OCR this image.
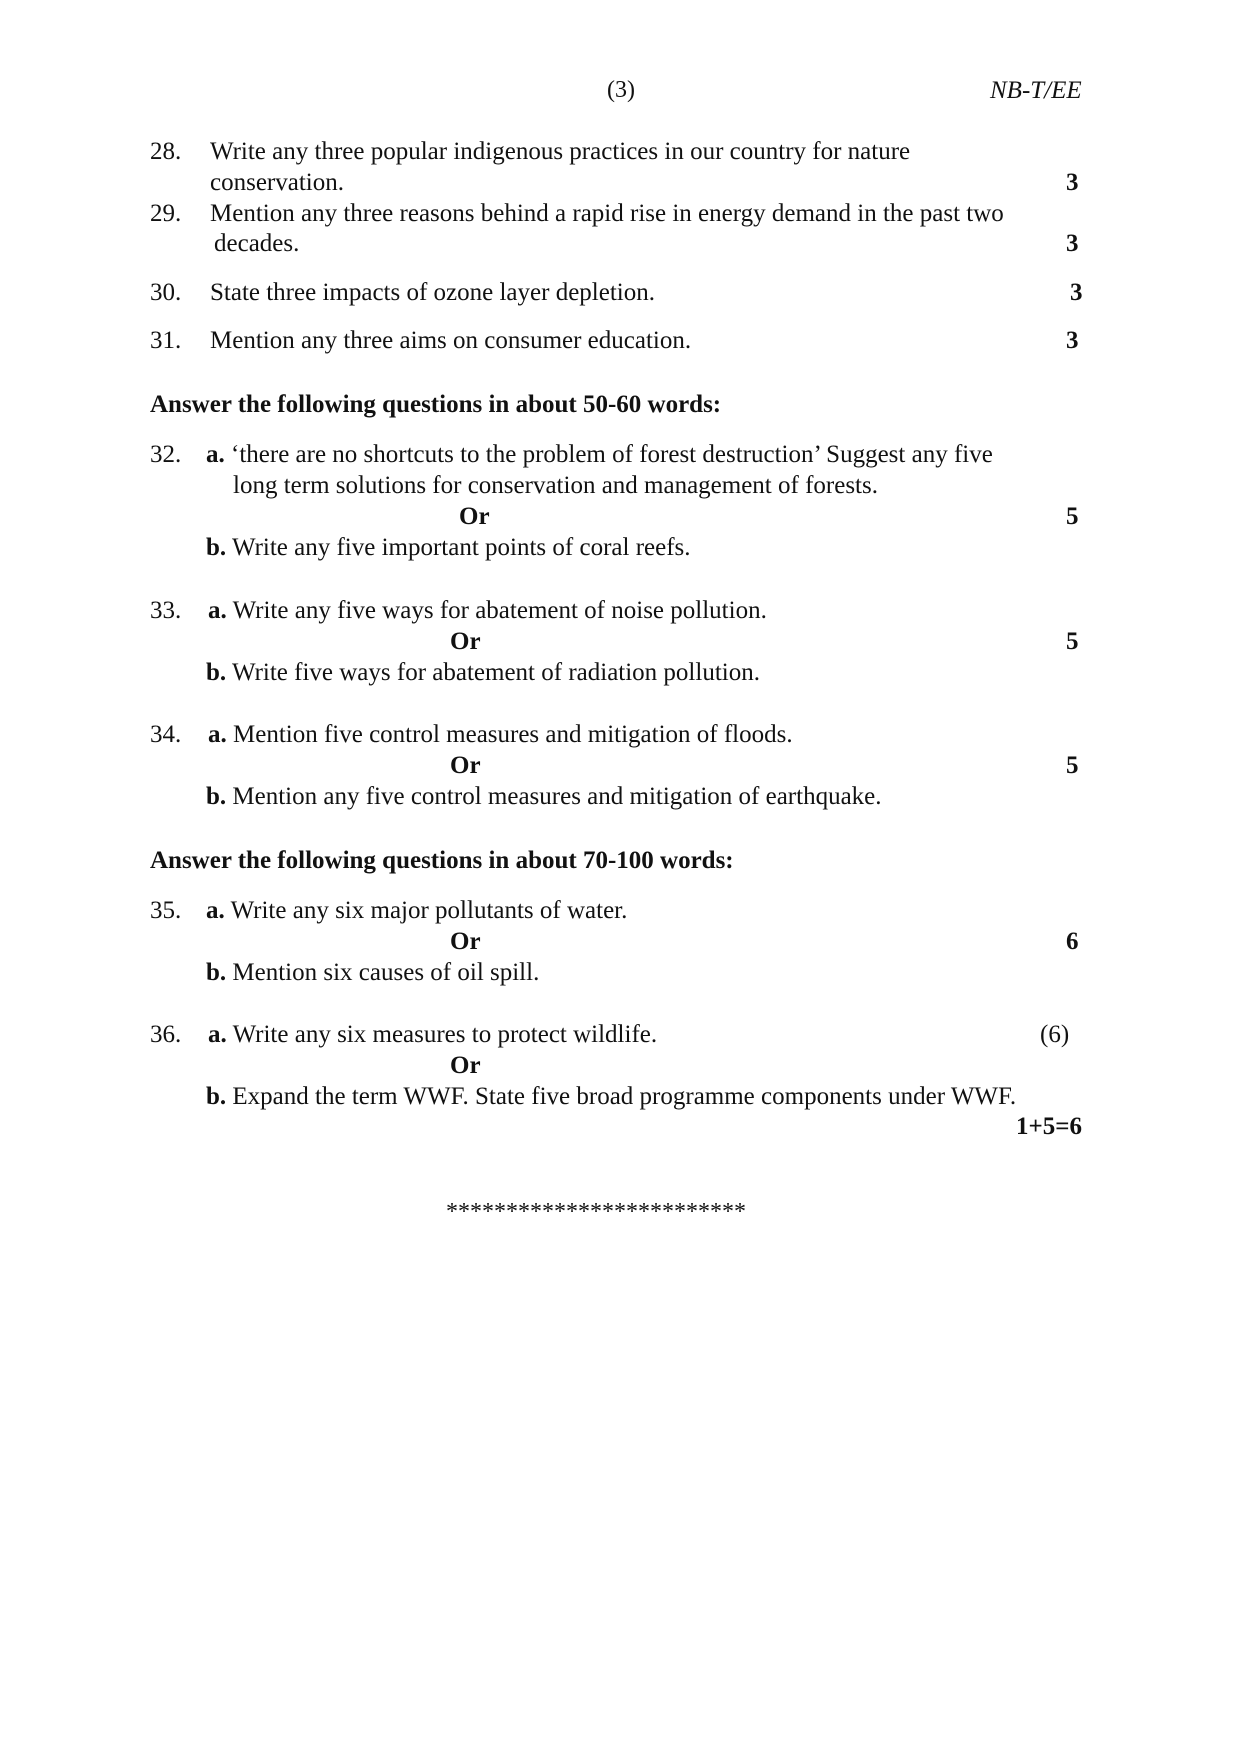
(3)	NB-T/EE
28. Write any three popular indigenous practices in our country for nature
conservation.	3
29. Mention any three reasons behind a rapid rise in energy demand in the past two
decades.	3
30. State three impacts of ozone layer depletion.	3
31. Mention any three aims on consumer education.	3
Answer the following questions in about 50-60 words:
32. a. ‘there are no shortcuts to the problem of forest destruction’ Suggest any five
long term solutions for conservation and management of forests.
Or	5
b. Write any five important points of coral reefs.
33. a. Write any five ways for abatement of noise pollution.
Or	5
b. Write five ways for abatement of radiation pollution.
34. a. Mention five control measures and mitigation of floods.
Or	5
b. Mention any five control measures and mitigation of earthquake.
Answer the following questions in about 70-100 words:
35. a. Write any six major pollutants of water.
Or	6
b. Mention six causes of oil spill.
36. a. Write any six measures to protect wildlife.	(6)
Or
b. Expand the term WWF. State five broad programme components under WWF.
1+5=6
*************************
